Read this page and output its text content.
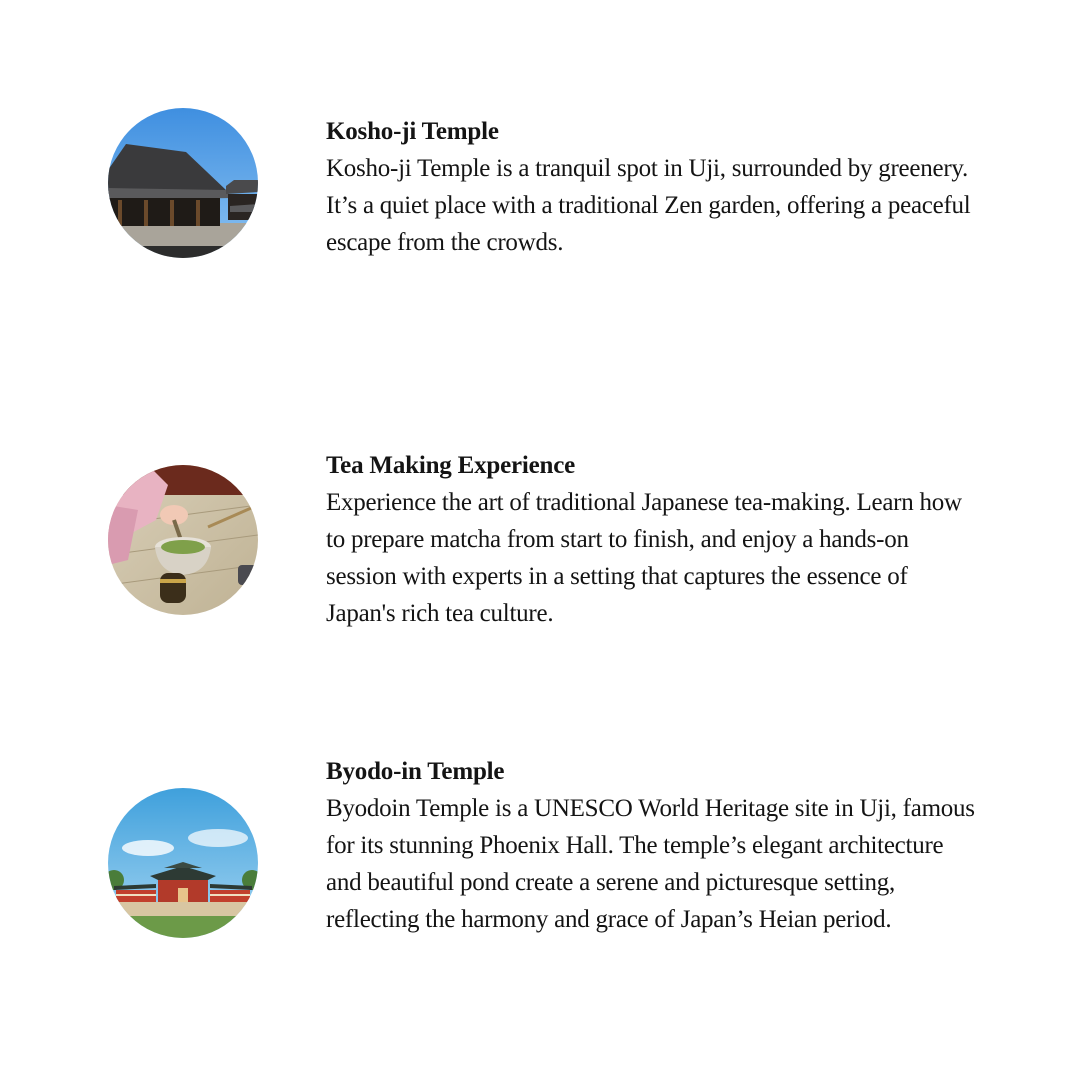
Kosho-ji Temple

Kosho-ji Temple is a tranquil spot in Uji, surrounded by greenery. It’s a quiet place with a traditional Zen garden, offering a peaceful escape from the crowds.

Tea Making Experience

Experience the art of traditional Japanese tea-making. Learn how to prepare matcha from start to finish, and enjoy a hands-on session with experts in a setting that captures the essence of Japan's rich tea culture.

Byodo-in Temple

Byodoin Temple is a UNESCO World Heritage site in Uji, famous for its stunning Phoenix Hall. The temple’s elegant architecture and beautiful pond create a serene and picturesque setting, reflecting the harmony and grace of Japan’s Heian period.
